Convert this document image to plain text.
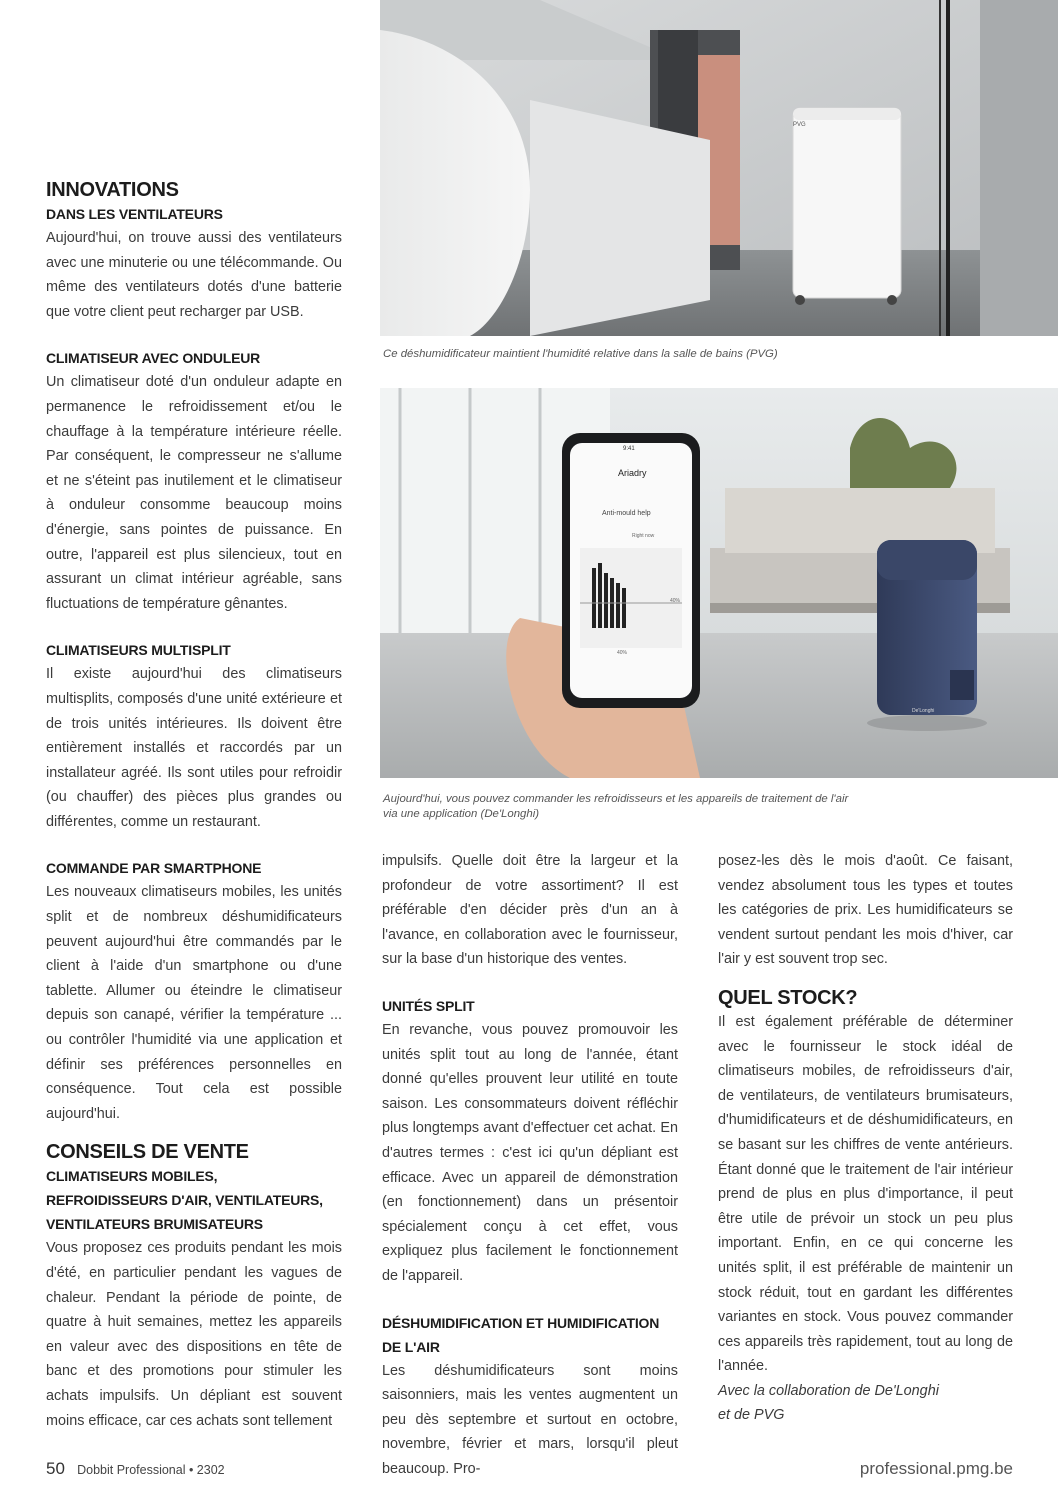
INNOVATIONS
DANS LES VENTILATEURS

Aujourd'hui, on trouve aussi des ventilateurs avec une minuterie ou une télécommande. Ou même des ventilateurs dotés d'une batterie que votre client peut recharger par USB.

CLIMATISEUR AVEC ONDULEUR

Un climatiseur doté d'un onduleur adapte en permanence le refroidissement et/ou le chauffage à la température intérieure réelle. Par conséquent, le compresseur ne s'allume et ne s'éteint pas inutilement et le climatiseur à onduleur consomme beaucoup moins d'énergie, sans pointes de puissance. En outre, l'appareil est plus silencieux, tout en assurant un climat intérieur agréable, sans fluctuations de température gênantes.

CLIMATISEURS MULTISPLIT

Il existe aujourd'hui des climatiseurs multisplits, composés d'une unité extérieure et de trois unités intérieures. Ils doivent être entièrement installés et raccordés par un installateur agréé. Ils sont utiles pour refroidir (ou chauffer) des pièces plus grandes ou différentes, comme un restaurant.

COMMANDE PAR SMARTPHONE

Les nouveaux climatiseurs mobiles, les unités split et de nombreux déshumidificateurs peuvent aujourd'hui être commandés par le client à l'aide d'un smartphone ou d'une tablette. Allumer ou éteindre le climatiseur depuis son canapé, vérifier la température ... ou contrôler l'humidité via une application et définir ses préférences personnelles en conséquence. Tout cela est possible aujourd'hui.

CONSEILS DE VENTE
CLIMATISEURS MOBILES, REFROIDISSEURS D'AIR, VENTILATEURS, VENTILATEURS BRUMISATEURS

Vous proposez ces produits pendant les mois d'été, en particulier pendant les vagues de chaleur. Pendant la période de pointe, de quatre à huit semaines, mettez les appareils en valeur avec des dispositions en tête de banc et des promotions pour stimuler les achats impulsifs. Un dépliant est souvent moins efficace, car ces achats sont tellement

PVG
Ce déshumidificateur maintient l'humidité relative dans la salle de bains (PVG)
9:41
Ariadry
Anti-mould help
Right now
40%
40%
De'Longhi
Aujourd'hui, vous pouvez commander les refroidisseurs et les appareils de traitement de l'air
via une application (De'Longhi)

impulsifs. Quelle doit être la largeur et la profondeur de votre assortiment? Il est préférable d'en décider près d'un an à l'avance, en collaboration avec le fournisseur, sur la base d'un historique des ventes.

UNITÉS SPLIT

En revanche, vous pouvez promouvoir les unités split tout au long de l'année, étant donné qu'elles prouvent leur utilité en toute saison. Les consommateurs doivent réfléchir plus longtemps avant d'effectuer cet achat. En d'autres termes : c'est ici qu'un dépliant est efficace. Avec un appareil de démonstration (en fonctionnement) dans un présentoir spécialement conçu à cet effet, vous expliquez plus facilement le fonctionnement de l'appareil.

DÉSHUMIDIFICATION ET HUMIDIFICATION DE L'AIR

Les déshumidificateurs sont moins saisonniers, mais les ventes augmentent un peu dès septembre et surtout en octobre, novembre, février et mars, lorsqu'il pleut beaucoup. Pro-

posez-les dès le mois d'août. Ce faisant, vendez absolument tous les types et toutes les catégories de prix. Les humidificateurs se vendent surtout pendant les mois d'hiver, car l'air y est souvent trop sec.

QUEL STOCK?

Il est également préférable de déterminer avec le fournisseur le stock idéal de climatiseurs mobiles, de refroidisseurs d'air, de ventilateurs, de ventilateurs brumisateurs, d'humidificateurs et de déshumidificateurs, en se basant sur les chiffres de vente antérieurs. Étant donné que le traitement de l'air intérieur prend de plus en plus d'importance, il peut être utile de prévoir un stock un peu plus important. Enfin, en ce qui concerne les unités split, il est préférable de maintenir un stock réduit, tout en gardant les différentes variantes en stock. Vous pouvez commander ces appareils très rapidement, tout au long de l'année.

Avec la collaboration de De'Longhi
et de PVG

50 Dobbit Professional • 2302	professional.pmg.be
